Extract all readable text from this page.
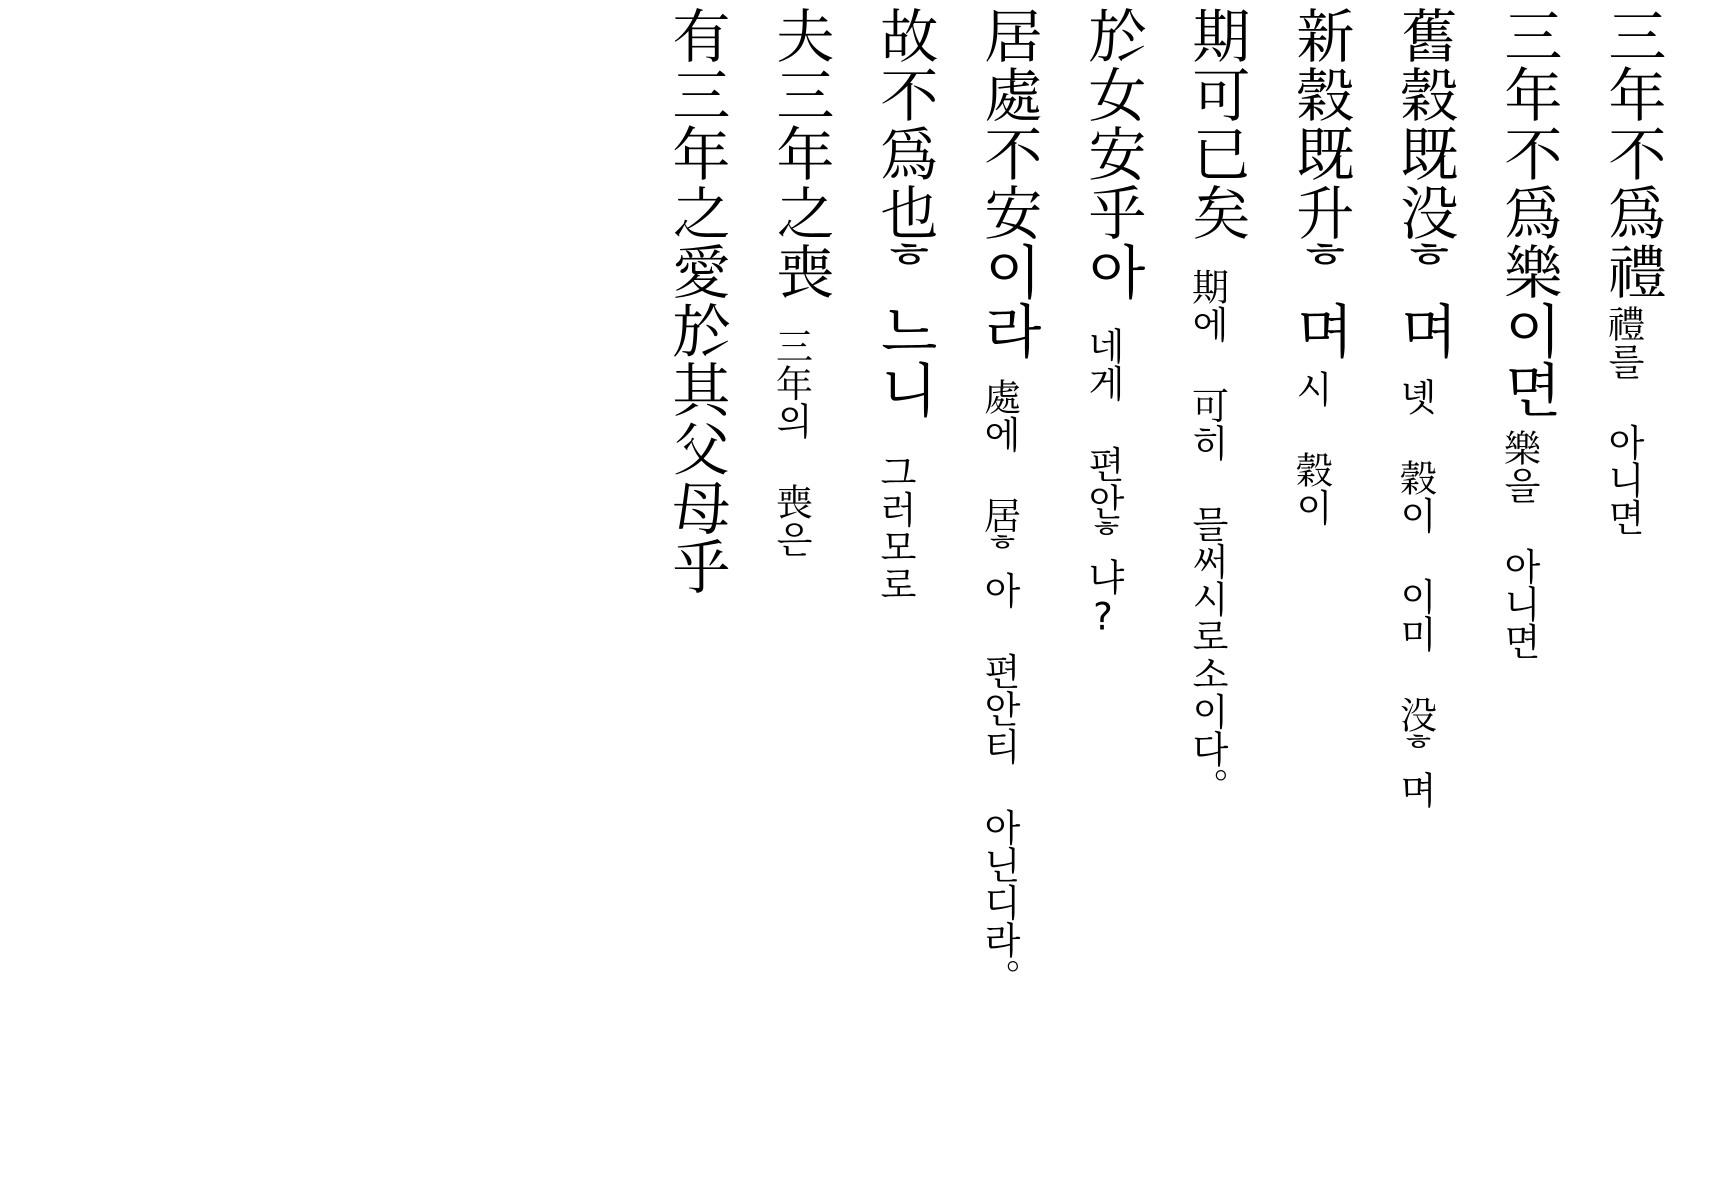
三年不爲禮
禮를 아니면
三年不爲樂이면
樂을 아니면
舊穀既没ᄒ며
녯 穀이 이미 没ᄒ며
新穀既升ᄒ며
시 穀이
期可已矣
期에 可히 믈써시로소이다。
於女安乎아
네게 편안ᄒ냐?
居處不安이라
處에 居ᄒ아 편안티 아닌디라。
故不爲也ᄒ느니
그러모로
夫三年之喪
三年의 喪은
有三年之愛於其父母乎
